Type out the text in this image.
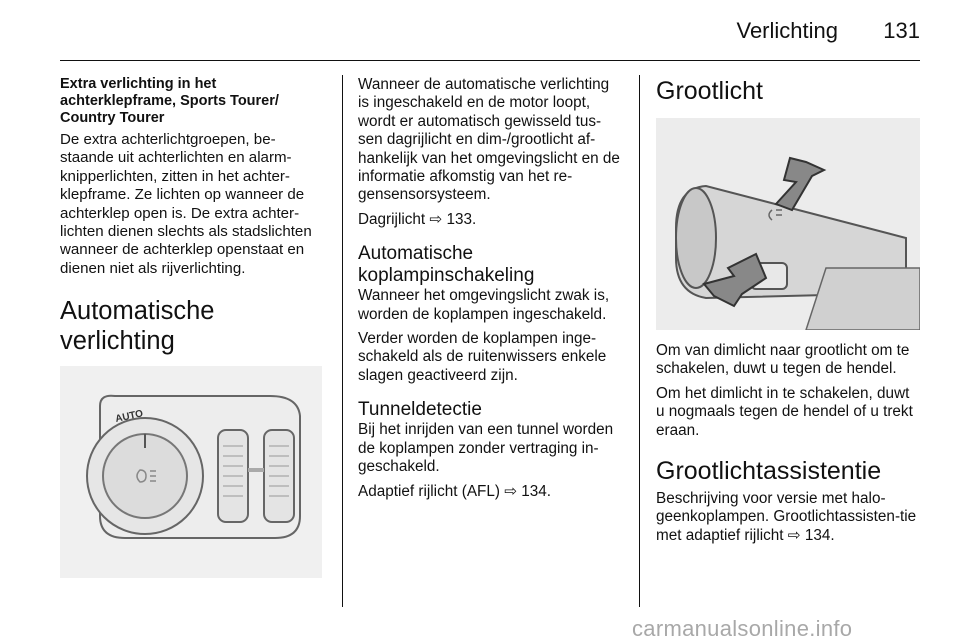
Verlichting 131
Extra verlichting in het achterklepframe, Sports Tourer/ Country Tourer

De extra achterlichtgroepen, be-staande uit achterlichten en alarm-knipperlichten, zitten in het achter-klepframe. Ze lichten op wanneer de achterklep open is. De extra achter-lichten dienen slechts als stadslichten wanneer de achterklep openstaat en dienen niet als rijverlichting.

Automatische verlichting
AUTO

Wanneer de automatische verlichting is ingeschakeld en de motor loopt, wordt er automatisch gewisseld tus-sen dagrijlicht en dim-/grootlicht af-hankelijk van het omgevingslicht en de informatie afkomstig van het re-gensensorsysteem.

Dagrijlicht ⇨ 133.

Automatische koplampinschakeling

Wanneer het omgevingslicht zwak is, worden de koplampen ingeschakeld.

Verder worden de koplampen inge-schakeld als de ruitenwissers enkele slagen geactiveerd zijn.

Tunneldetectie

Bij het inrijden van een tunnel worden de koplampen zonder vertraging in-geschakeld.

Adaptief rijlicht (AFL) ⇨ 134.

Grootlicht

Om van dimlicht naar grootlicht om te schakelen, duwt u tegen de hendel.

Om het dimlicht in te schakelen, duwt u nogmaals tegen de hendel of u trekt eraan.

Grootlichtassistentie

Beschrijving voor versie met halo-geenkoplampen. Grootlichtassisten-tie met adaptief rijlicht ⇨ 134.

carmanualsonline.info
